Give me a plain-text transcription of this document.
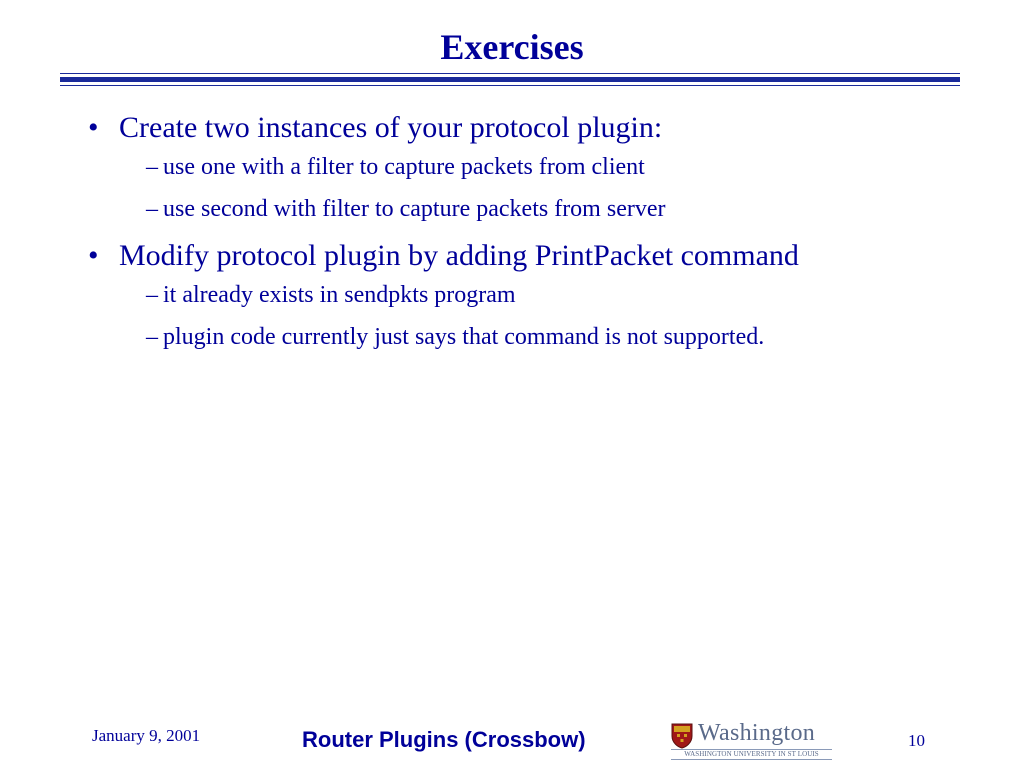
Exercises
• Create two instances of your protocol plugin:
– use one with a filter to capture packets from client
– use second with filter to capture packets from server
• Modify protocol plugin by adding PrintPacket command
– it already exists in sendpkts program
– plugin code currently just says that command is not supported.
January 9, 2001	Router Plugins (Crossbow)	Washington
WASHINGTON UNIVERSITY IN ST LOUIS
10
